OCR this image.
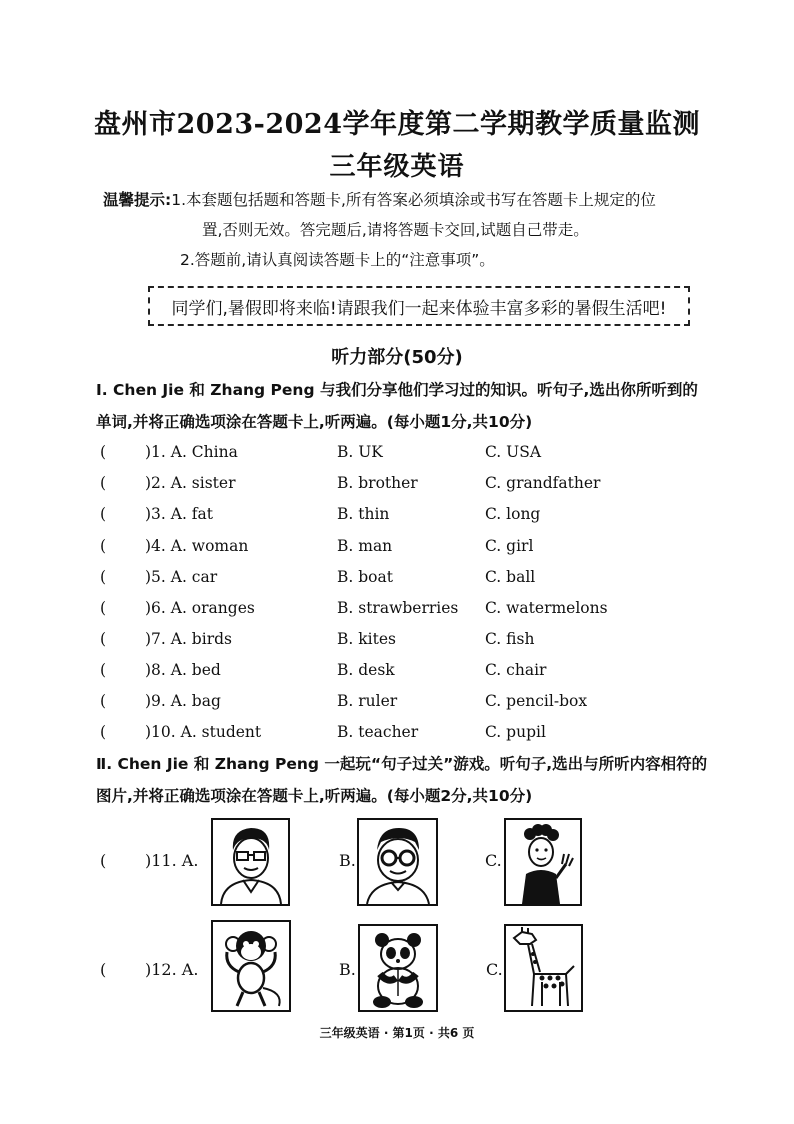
盘州市2023-2024学年度第二学期教学质量监测
三年级英语
温馨提示:1.本套题包括题和答题卡,所有答案必须填涂或书写在答题卡上规定的位
置,否则无效。答完题后,请将答题卡交回,试题自己带走。
2.答题前,请认真阅读答题卡上的“注意事项”。
同学们,暑假即将来临!请跟我们一起来体验丰富多彩的暑假生活吧!
听力部分(50分)
Ⅰ. Chen Jie 和 Zhang Peng 与我们分享他们学习过的知识。听句子,选出你所听到的
单词,并将正确选项涂在答题卡上,听两遍。(每小题1分,共10分)
(	)1. A. China	B. UK	C. USA
(	)2. A. sister	B. brother	C. grandfather
(	)3. A. fat	B. thin	C. long
(	)4. A. woman	B. man	C. girl
(	)5. A. car	B. boat	C. ball
(	)6. A. oranges	B. strawberries C. watermelons
(	)7. A. birds	B. kites	C. fish
(	)8. A. bed	B. desk	C. chair
(	)9. A. bag	B. ruler	C. pencil-box
(	)10. A. student	B. teacher	C. pupil
Ⅱ. Chen Jie 和 Zhang Peng 一起玩“句子过关”游戏。听句子,选出与所听内容相符的
图片,并将正确选项涂在答题卡上,听两遍。(每小题2分,共10分)
( )11. A.	B.	C.
( )12. A.	B.	C.
三年级英语 · 第1页 · 共6 页
